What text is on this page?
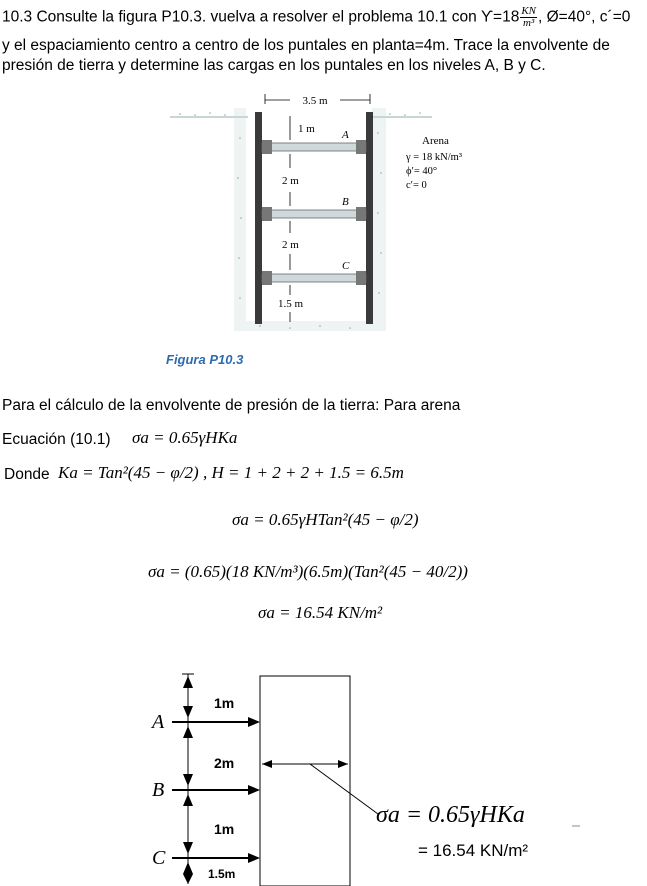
10.3 Consulte la figura P10.3. vuelva a resolver el problema 10.1 con $ϒ=18 \frac{KN}{\text{m³}}$ , Ø=40°, c´=0
y el espaciamiento centro a centro de los puntales en planta=4m. Trace la envolvente de
presión de tierra y determine las cargas en los puntales en los niveles A, B y C.
3.5 m
1 m
2 m
2 m
1.5 m
A
B
C
Arena
γ = 18 kN/m³
ϕ′= 40°
c′= 0
Figura P10.3
Para el cálculo de la envolvente de presión de la tierra: Para arena
Ecuación (10.1) σa = 0.65γHKa
Donde Ka = Tan²(45 − φ/2) , H = 1 + 2 + 2 + 1.5 = 6.5m
σa = 0.65γHTan²(45 − φ/2)
σa = (0.65)(18 KN/m³)(6.5m)(Tan²(45 − 40/2))
σa = 16.54 KN/m²
1m
2m
1m
1.5m
A
B
C
σa = 0.65γHKa
= 16.54 KN/m²
